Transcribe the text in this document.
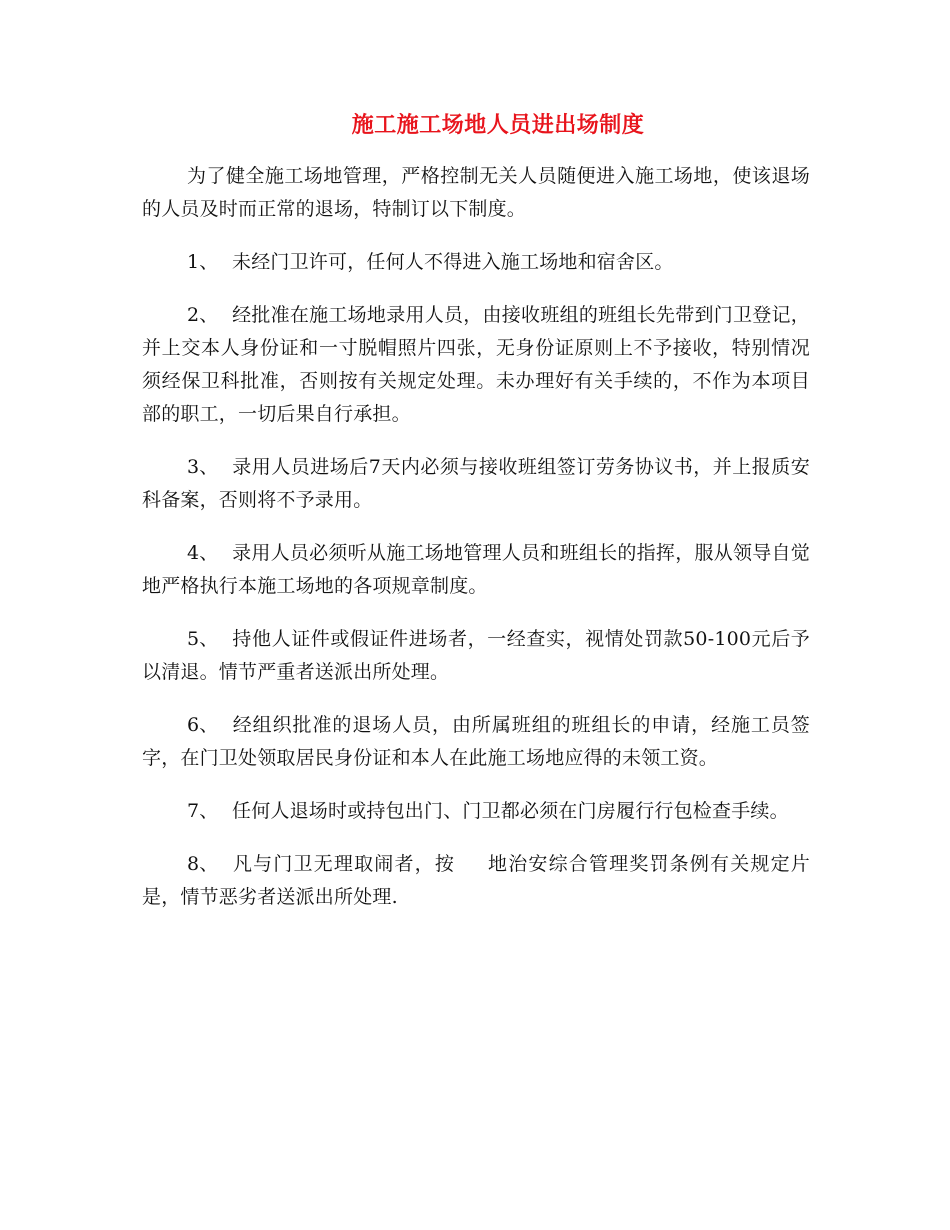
施工施工场地人员进出场制度

为了健全施工场地管理，严格控制无关人员随便进入施工场地，使该退场的人员及时而正常的退场，特制订以下制度。

1、 未经门卫许可，任何人不得进入施工场地和宿舍区。

2、 经批准在施工场地录用人员，由接收班组的班组长先带到门卫登记，并上交本人身份证和一寸脱帽照片四张，无身份证原则上不予接收，特别情况须经保卫科批准，否则按有关规定处理。未办理好有关手续的，不作为本项目部的职工，一切后果自行承担。

3、 录用人员进场后7天内必须与接收班组签订劳务协议书，并上报质安科备案，否则将不予录用。

4、 录用人员必须听从施工场地管理人员和班组长的指挥，服从领导自觉地严格执行本施工场地的各项规章制度。

5、 持他人证件或假证件进场者，一经查实，视情处罚款50-100元后予以清退。情节严重者送派出所处理。

6、 经组织批准的退场人员，由所属班组的班组长的申请，经施工员签字，在门卫处领取居民身份证和本人在此施工场地应得的未领工资。

7、 任何人退场时或持包出门、门卫都必须在门房履行行包检查手续。

8、 凡与门卫无理取闹者，按 地治安综合管理奖罚条例有关规定片是，情节恶劣者送派出所处理.
